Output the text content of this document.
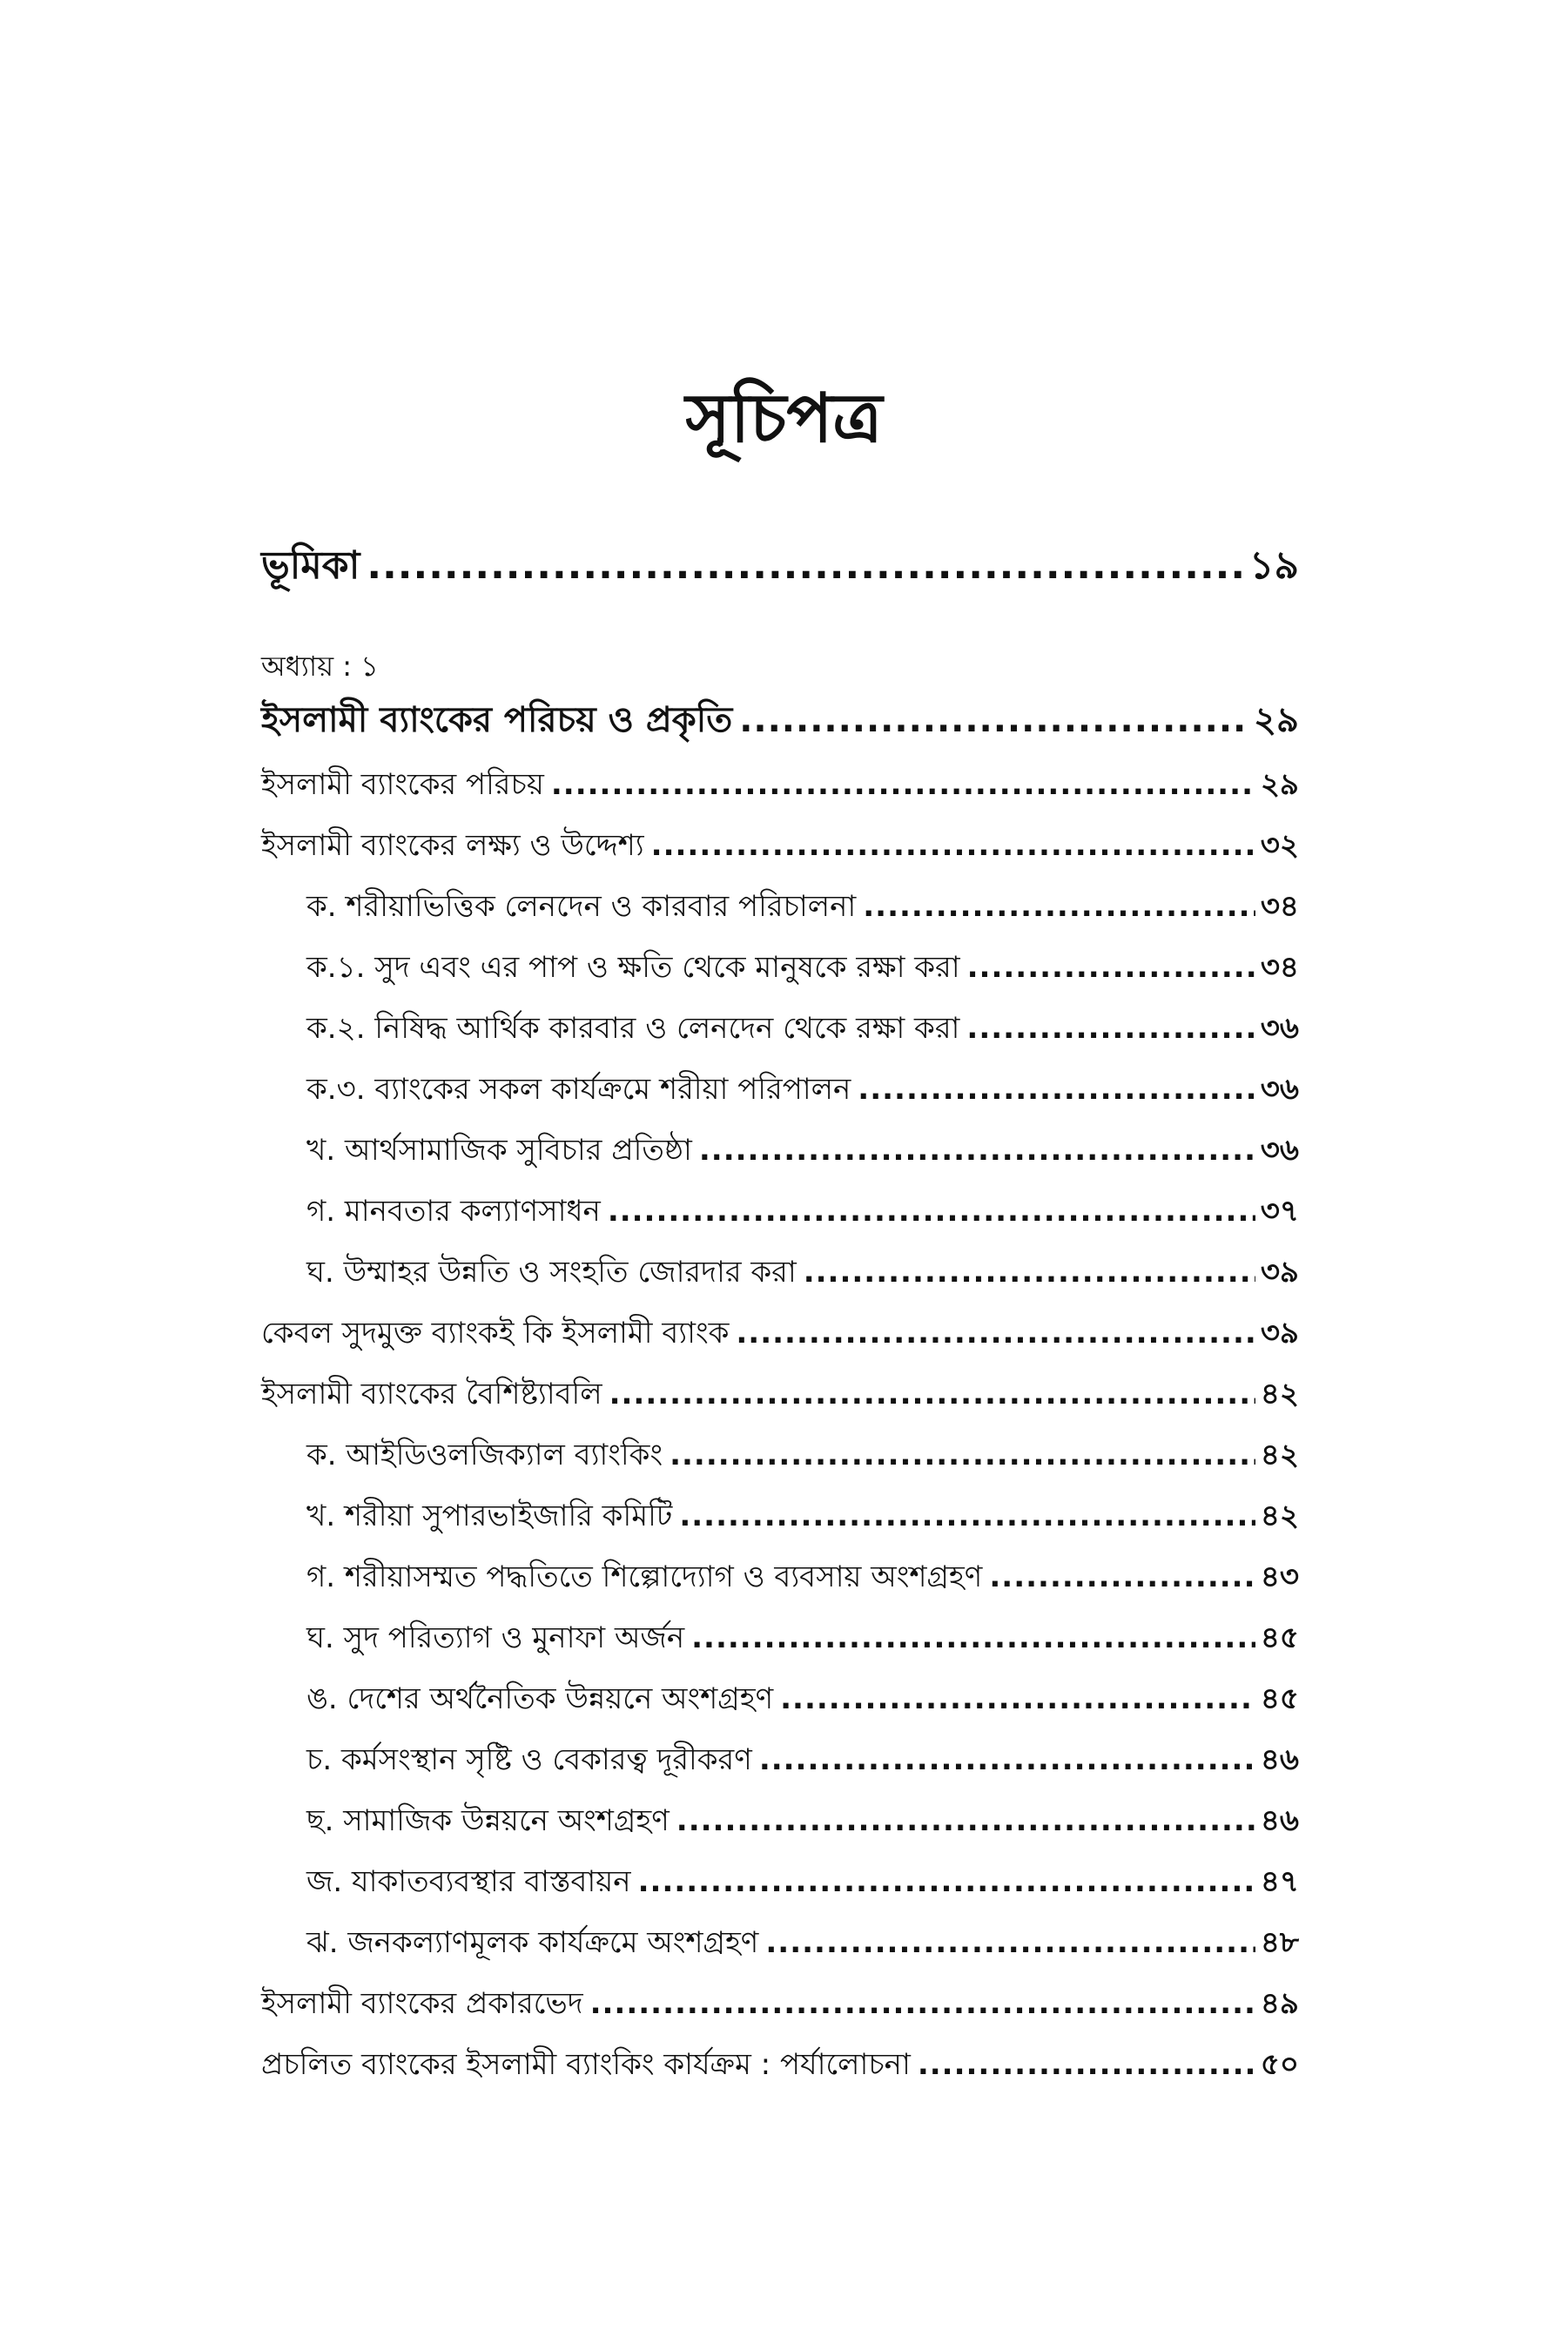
সূচিপত্র
ভূমিকা .....	১৯
ইসলামী ব্যাংকের পরিচয় ও প্রকৃতি .....	২৯
ইসলামী ব্যাংকের পরিচয় .....	২৯
ইসলামী ব্যাংকের লক্ষ্য ও উদ্দেশ্য .....	৩২
ক. শরীয়াভিত্তিক লেনদেন ও কারবার পরিচালনা .....	৩৪
ক.১. সুদ এবং এর পাপ ও ক্ষতি থেকে মানুষকে রক্ষা করা .....	৩৪
ক.২. নিষিদ্ধ আর্থিক কারবার ও লেনদেন থেকে রক্ষা করা .....	৩৬
ক.৩. ব্যাংকের সকল কার্যক্রমে শরীয়া পরিপালন .....	৩৬
খ. আর্থসামাজিক সুবিচার প্রতিষ্ঠা .....	৩৬
গ. মানবতার কল্যাণসাধন .....	৩৭
ঘ. উম্মাহর উন্নতি ও সংহতি জোরদার করা .....	৩৯
কেবল সুদমুক্ত ব্যাংকই কি ইসলামী ব্যাংক .....	৩৯
ইসলামী ব্যাংকের বৈশিষ্ট্যাবলি .....	৪২
ক. আইডিওলজিক্যাল ব্যাংকিং .....	৪২
খ. শরীয়া সুপারভাইজারি কমিটি .....	৪২
গ. শরীয়াসম্মত পদ্ধতিতে শিল্পোদ্যোগ ও ব্যবসায় অংশগ্রহণ .....	৪৩
ঘ. সুদ পরিত্যাগ ও মুনাফা অর্জন .....	৪৫
ঙ. দেশের অর্থনৈতিক উন্নয়নে অংশগ্রহণ .....	৪৫
চ. কর্মসংস্থান সৃষ্টি ও বেকারত্ব দূরীকরণ .....	৪৬
ছ. সামাজিক উন্নয়নে অংশগ্রহণ .....	৪৬
জ. যাকাতব্যবস্থার বাস্তবায়ন .....	৪৭
ঝ. জনকল্যাণমূলক কার্যক্রমে অংশগ্রহণ .....	৪৮
ইসলামী ব্যাংকের প্রকারভেদ .....	৪৯
প্রচলিত ব্যাংকের ইসলামী ব্যাংকিং কার্যক্রম : পর্যালোচনা .....	৫০

অধ্যায় : ১
